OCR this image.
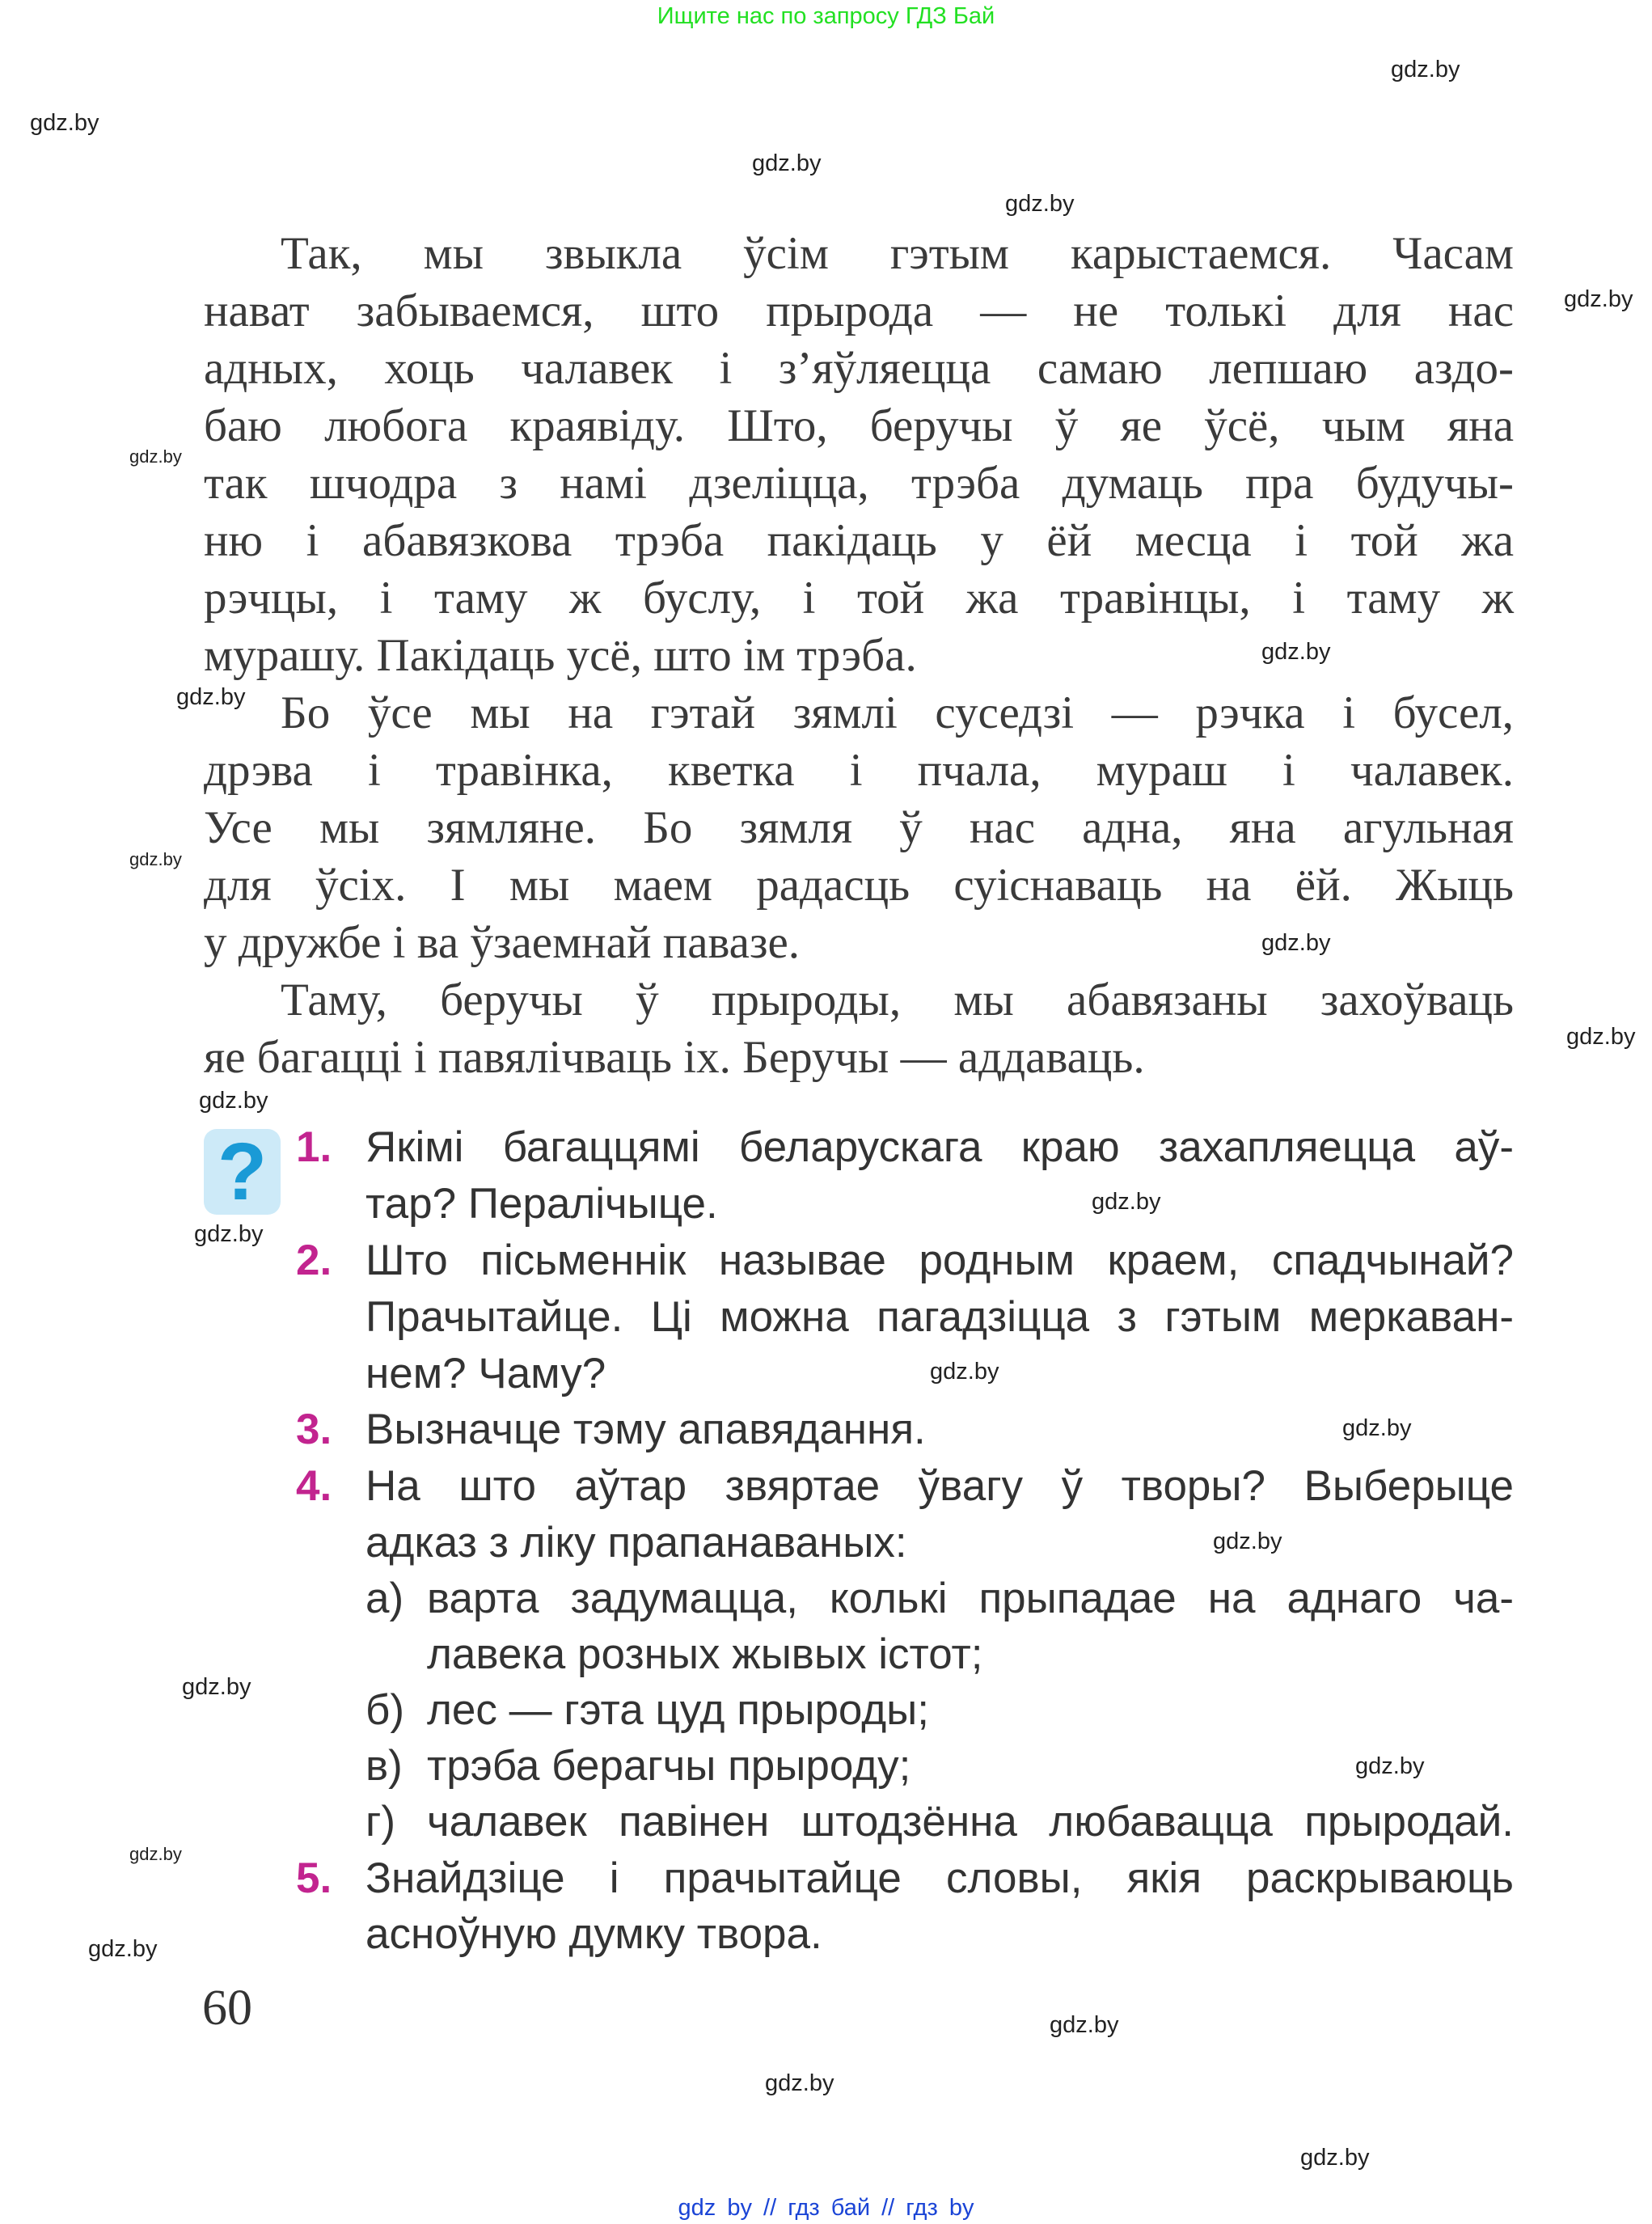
Ищите нас по запросу ГДЗ Бай
Так, мы звыкла ўсім гэтым карыстаемся. Часам
нават забываемся, што прырода — не толькі для нас
адных, хоць чалавек і з’яўляецца самаю лепшаю аздо-
баю любога краявіду. Што, беручы ў яе ўсё, чым яна
так шчодра з намі дзеліцца, трэба думаць пра будучы-
ню і абавязкова трэба пакідаць у ёй месца і той жа
рэчцы, і таму ж буслу, і той жа травінцы, і таму ж
мурашу. Пакідаць усё, што ім трэба.
Бо ўсе мы на гэтай зямлі суседзі — рэчка і бусел,
дрэва і травінка, кветка і пчала, мураш і чалавек.
Усе мы зямляне. Бо зямля ў нас адна, яна агульная
для ўсіх. І мы маем радасць суіснаваць на ёй. Жыць
у дружбе і ва ўзаемнай павазе.
Таму, беручы ў прыроды, мы абавязаны захоўваць
яе багацці і павялічваць іх. Беручы — аддаваць.
? 1. Якімі багаццямі беларускага краю захапляецца аў-
тар? Пералічыце.
2. Што пісьменнік называе родным краем, спадчынай?
Прачытайце. Ці можна пагадзіцца з гэтым меркаван-
нем? Чаму?
3. Вызначце тэму апавядання.
4. На што аўтар звяртае ўвагу ў творы? Выберыце
адказ з ліку прапанаваных:
а) варта задумацца, колькі прыпадае на аднаго ча-
лавека розных жывых істот;
б) лес — гэта цуд прыроды;
в) трэба берагчы прыроду;
г) чалавек павінен штодзённа любавацца прыродай.
5. Знайдзіце і прачытайце словы, якія раскрываюць
асноўную думку твора.
60
gdz.by
gdz.by
gdz.by
gdz.by
gdz.by
gdz.by
gdz.by
gdz.by
gdz.by
gdz.by
gdz.by
gdz.by
gdz.by
gdz.by
gdz.by
gdz.by
gdz.by
gdz.by
gdz.by
gdz.by
gdz.by
gdz.by
gdz.by
gdz.by
gdz by // гдз бай // гдз by
